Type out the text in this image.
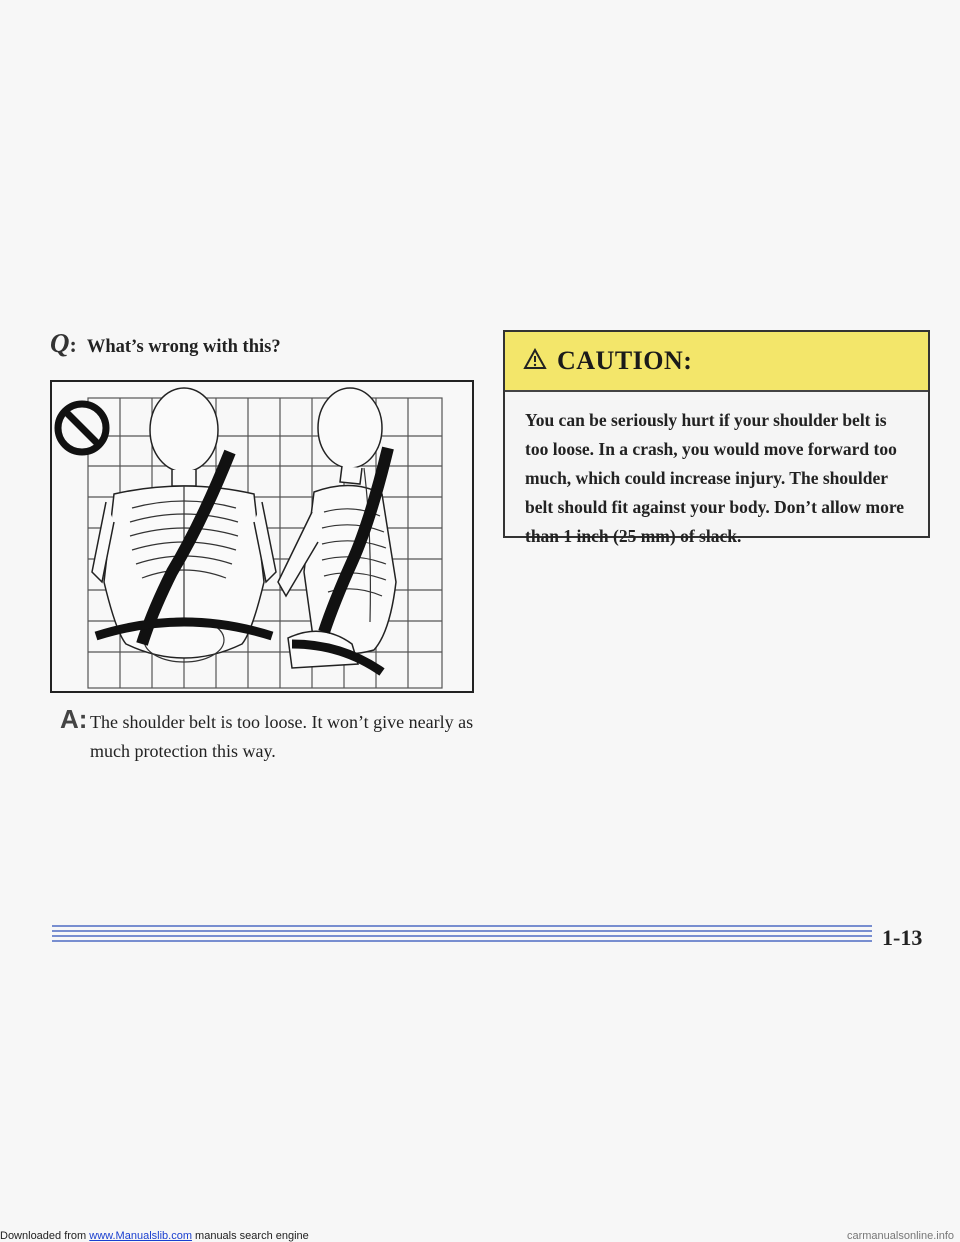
Q : What’s wrong with this?
A: The shoulder belt is too loose. It won’t give nearly as much protection this way.
CAUTION:
You can be seriously hurt if your shoulder belt is too loose. In a crash, you would move forward too much, which could increase injury. The shoulder belt should fit against your body. Don’t allow more than 1 inch (25 mm) of slack.
1-13
Downloaded from www.Manualslib.com manuals search engine	carmanualsonline.info
